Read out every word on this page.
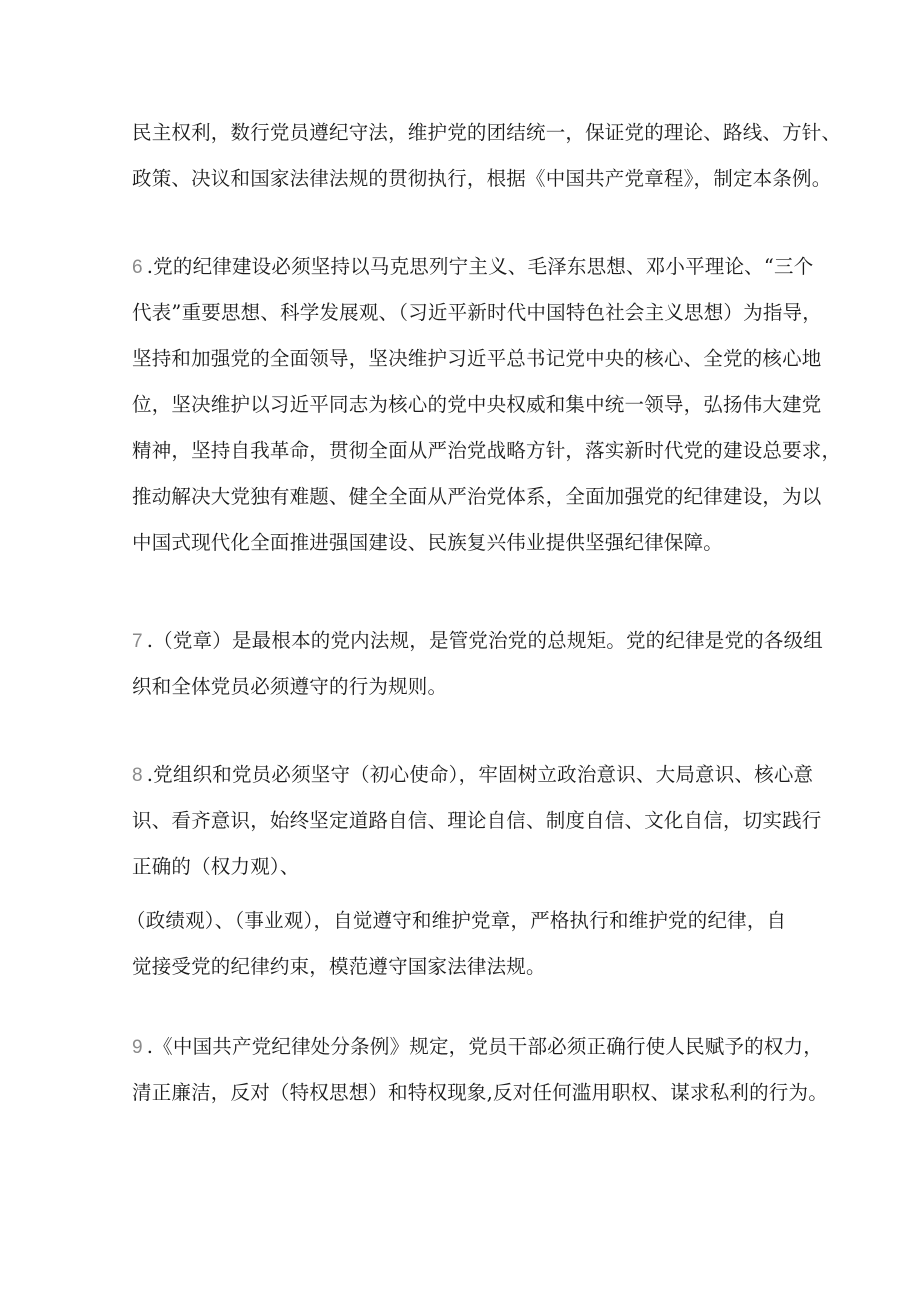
民主权利，数行党员遵纪守法，维护党的团结统一，保证党的理论、路线、方针、
政策、决议和国家法律法规的贯彻执行，根据《中国共产党章程》，制定本条例。
6 .党的纪律建设必须坚持以马克思列宁主义、毛泽东思想、邓小平理论、“三个
代表”重要思想、科学发展观、（习近平新时代中国特色社会主义思想）为指导，
坚持和加强党的全面领导，坚决维护习近平总书记党中央的核心、全党的核心地
位，坚决维护以习近平同志为核心的党中央权威和集中统一领导，弘扬伟大建党
精神，坚持自我革命，贯彻全面从严治党战略方针，落实新时代党的建设总要求，
推动解决大党独有难题、健全全面从严治党体系，全面加强党的纪律建设，为以
中国式现代化全面推进强国建设、民族复兴伟业提供坚强纪律保障。
7 .（党章）是最根本的党内法规，是管党治党的总规矩。党的纪律是党的各级组
织和全体党员必须遵守的行为规则。
8 .党组织和党员必须坚守（初心使命），牢固树立政治意识、大局意识、核心意
识、看齐意识，始终坚定道路自信、理论自信、制度自信、文化自信，切实践行
正确的（权力观）、
（政绩观）、（事业观），自觉遵守和维护党章，严格执行和维护党的纪律，自
觉接受党的纪律约束，模范遵守国家法律法规。
9 .《中国共产党纪律处分条例》规定，党员干部必须正确行使人民赋予的权力，
清正廉洁，反对（特权思想）和特权现象,反对任何滥用职权、谋求私利的行为。
